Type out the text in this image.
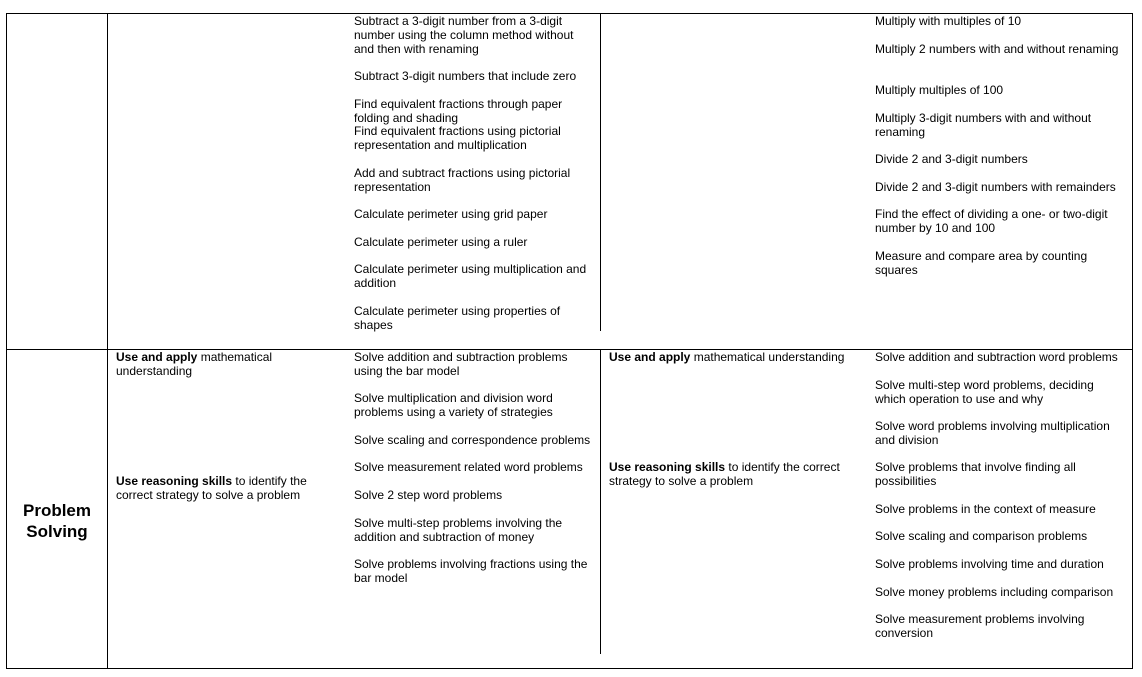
Subtract a 3-digit number from a 3-digit number using the column method without and then with renaming
Subtract 3-digit numbers that include zero
Find equivalent fractions through paper folding and shading
Find equivalent fractions using pictorial representation and multiplication
Add and subtract fractions using pictorial representation
Calculate perimeter using grid paper
Calculate perimeter using a ruler
Calculate perimeter using multiplication and addition
Calculate perimeter using properties of shapes
Multiply with multiples of 10
Multiply 2 numbers with and without renaming
Multiply multiples of 100
Multiply 3-digit numbers with and without renaming
Divide 2 and 3-digit numbers
Divide 2 and 3-digit numbers with remainders
Find the effect of dividing a one- or two-digit number by 10 and 100
Measure and compare area by counting squares
Problem Solving
Use and apply mathematical understanding
Use reasoning skills to identify the correct strategy to solve a problem
Solve addition and subtraction problems using the bar model
Solve multiplication and division word problems using a variety of strategies
Solve scaling and correspondence problems
Solve measurement related word problems
Solve 2 step word problems
Solve multi-step problems involving the addition and subtraction of money
Solve problems involving fractions using the bar model
Use and apply mathematical understanding
Use reasoning skills to identify the correct strategy to solve a problem
Solve addition and subtraction word problems
Solve multi-step word problems, deciding which operation to use and why
Solve word problems involving multiplication and division
Solve problems that involve finding all possibilities
Solve problems in the context of measure
Solve scaling and comparison problems
Solve problems involving time and duration
Solve money problems including comparison
Solve measurement problems involving conversion
